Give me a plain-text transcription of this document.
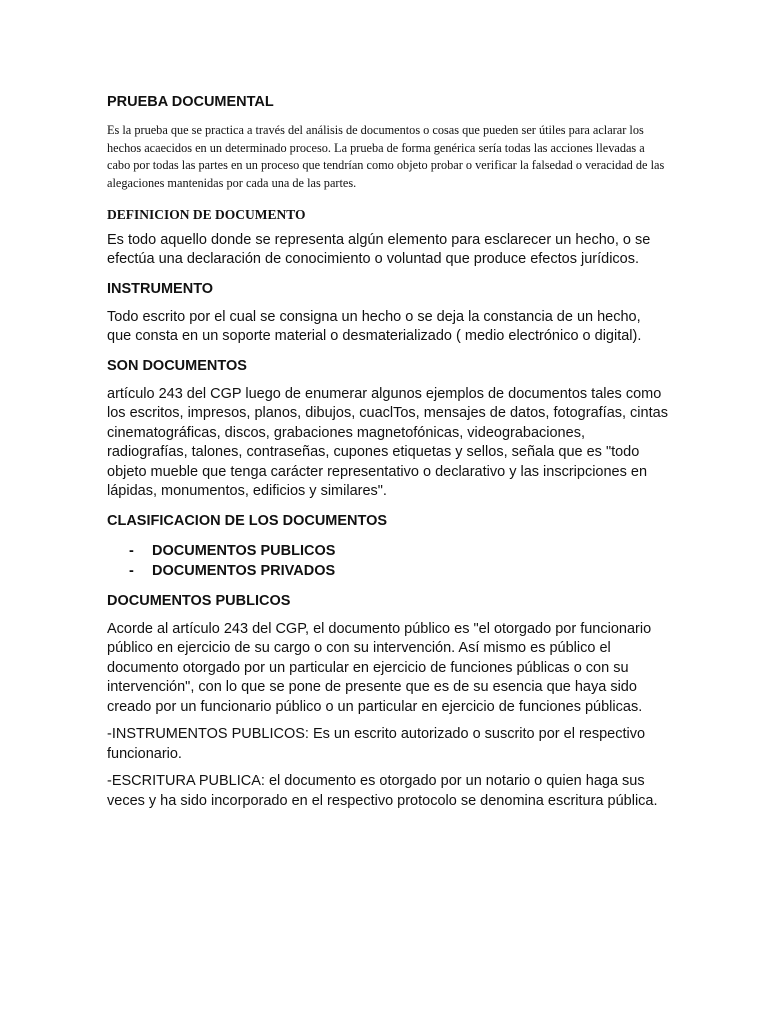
PRUEBA DOCUMENTAL

Es la prueba que se practica a través del análisis de documentos o cosas que pueden ser útiles para aclarar los hechos acaecidos en un determinado proceso. La prueba de forma genérica sería todas las acciones llevadas a cabo por todas las partes en un proceso que tendrían como objeto probar o verificar la falsedad o veracidad de las alegaciones mantenidas por cada una de las partes.

DEFINICION DE DOCUMENTO

Es todo aquello donde se representa algún elemento para esclarecer un hecho, o se efectúa una declaración de conocimiento o voluntad que produce efectos jurídicos.

INSTRUMENTO

Todo escrito por el cual se consigna un hecho o se deja la constancia de un hecho, que consta en un soporte material o desmaterializado ( medio electrónico o digital).

SON DOCUMENTOS

artículo 243 del CGP luego de enumerar algunos ejemplos de documentos tales como los escritos, impresos, planos, dibujos, cuaclTos, mensajes de datos, fotografías, cintas cinematográficas, discos, grabaciones magnetofónicas, videograbaciones, radiografías, talones, contraseñas, cupones etiquetas y sellos, señala que es "todo objeto mueble que tenga carácter representativo o declarativo y las inscripciones en lápidas, monumentos, edificios y similares".

CLASIFICACION DE LOS DOCUMENTOS
- DOCUMENTOS PUBLICOS
- DOCUMENTOS PRIVADOS
DOCUMENTOS PUBLICOS

Acorde al artículo 243 del CGP, el documento público es "el otorgado por funcionario público en ejercicio de su cargo o con su intervención. Así mismo es público el documento otorgado por un particular en ejercicio de funciones públicas o con su intervención", con lo que se pone de presente que es de su esencia que haya sido creado por un funcionario público o un particular en ejercicio de funciones públicas.

-INSTRUMENTOS PUBLICOS: Es un escrito autorizado o suscrito por el respectivo funcionario.

-ESCRITURA PUBLICA: el documento es otorgado por un notario o quien haga sus veces y ha sido incorporado en el respectivo protocolo se denomina escritura pública.
